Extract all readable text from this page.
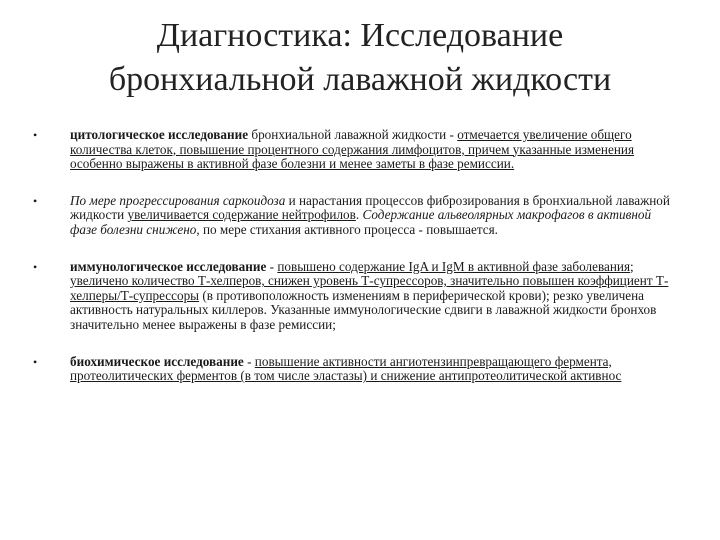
Диагностика: Исследование
бронхиальной лаважной жидкости
• цитологическое исследование бронхиальной лаважной жидкости - отмечается увеличение общего количества клеток, повышение процентного содержания лимфоцитов, причем указанные изменения особенно выражены в активной фазе болезни и менее заметы в фазе ремиссии.
• По мере прогрессирования саркоидоза и нарастания процессов фиброзирования в бронхиальной лаважной жидкости увеличивается содержание нейтрофилов. Содержание альвеолярных макрофагов в активной фазе болезни снижено, по мере стихания активного процесса - повышается.
• иммунологическое исследование - повышено содержание IgA и IgM в активной фазе заболевания; увеличено количество Т-хелперов, снижен уровень Т-супрессоров, значительно повышен коэффициент Т-хелперы/Т-супрессоры (в противоположность изменениям в периферической крови); резко увеличена активность натуральных киллеров. Указанные иммунологические сдвиги в лаважной жидкости бронхов значительно менее выражены в фазе ремиссии;
• биохимическое исследование - повышение активности ангиотензинпревращающего фермента, протеолитических ферментов (в том числе эластазы) и снижение антипротеолитической активнос
